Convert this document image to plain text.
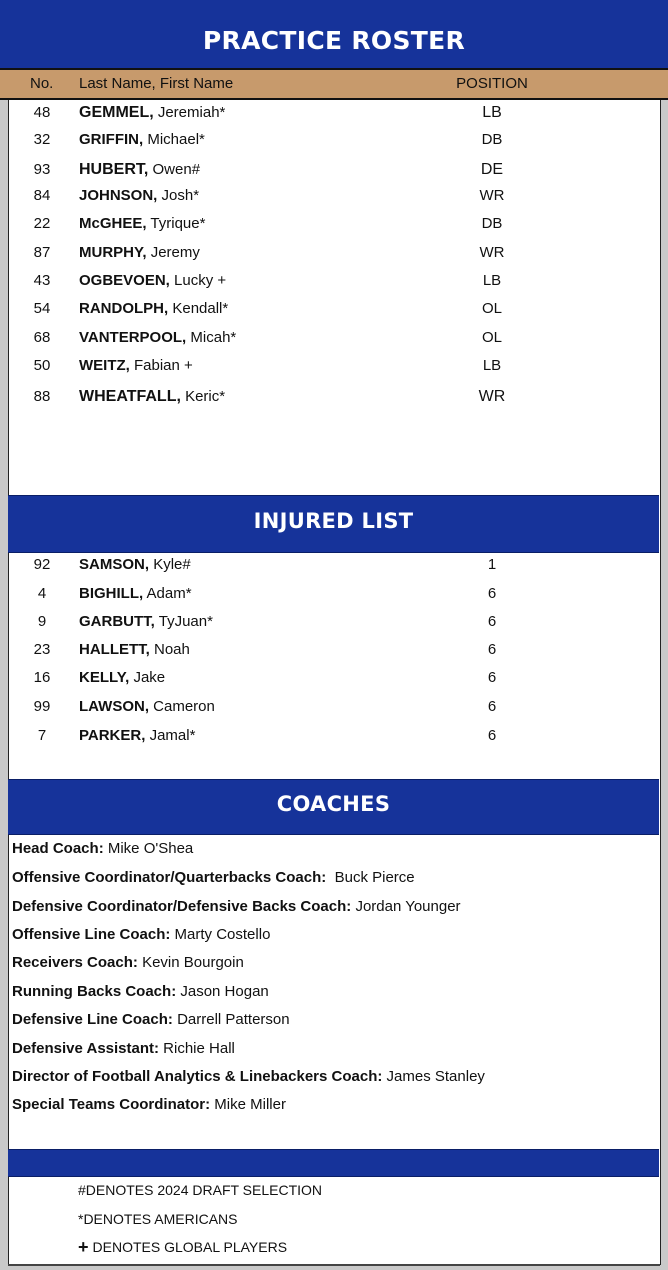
PRACTICE ROSTER
No. Last Name, First Name	POSITION
48	GEMMEL, Jeremiah*	LB
32	GRIFFIN, Michael*	DB
93	HUBERT, Owen#	DE
84	JOHNSON, Josh*	WR
22	McGHEE, Tyrique*	DB
87	MURPHY, Jeremy	WR
43	OGBEVOEN, Lucky +	LB
54	RANDOLPH, Kendall*	OL
68	VANTERPOOL, Micah*	OL
50	WEITZ, Fabian +	LB
88	WHEATFALL, Keric*	WR
INJURED LIST
92	SAMSON, Kyle#	1
4	BIGHILL, Adam*	6
9	GARBUTT, TyJuan*	6
23	HALLETT, Noah	6
16	KELLY, Jake	6
99	LAWSON, Cameron	6
7	PARKER, Jamal*	6
COACHES
Head Coach: Mike O'Shea
Offensive Coordinator/Quarterbacks Coach: Buck Pierce
Defensive Coordinator/Defensive Backs Coach: Jordan Younger
Offensive Line Coach: Marty Costello
Receivers Coach: Kevin Bourgoin
Running Backs Coach: Jason Hogan
Defensive Line Coach: Darrell Patterson
Defensive Assistant: Richie Hall
Director of Football Analytics & Linebackers Coach: James Stanley
Special Teams Coordinator: Mike Miller
#DENOTES 2024 DRAFT SELECTION
*DENOTES AMERICANS
+ DENOTES GLOBAL PLAYERS
